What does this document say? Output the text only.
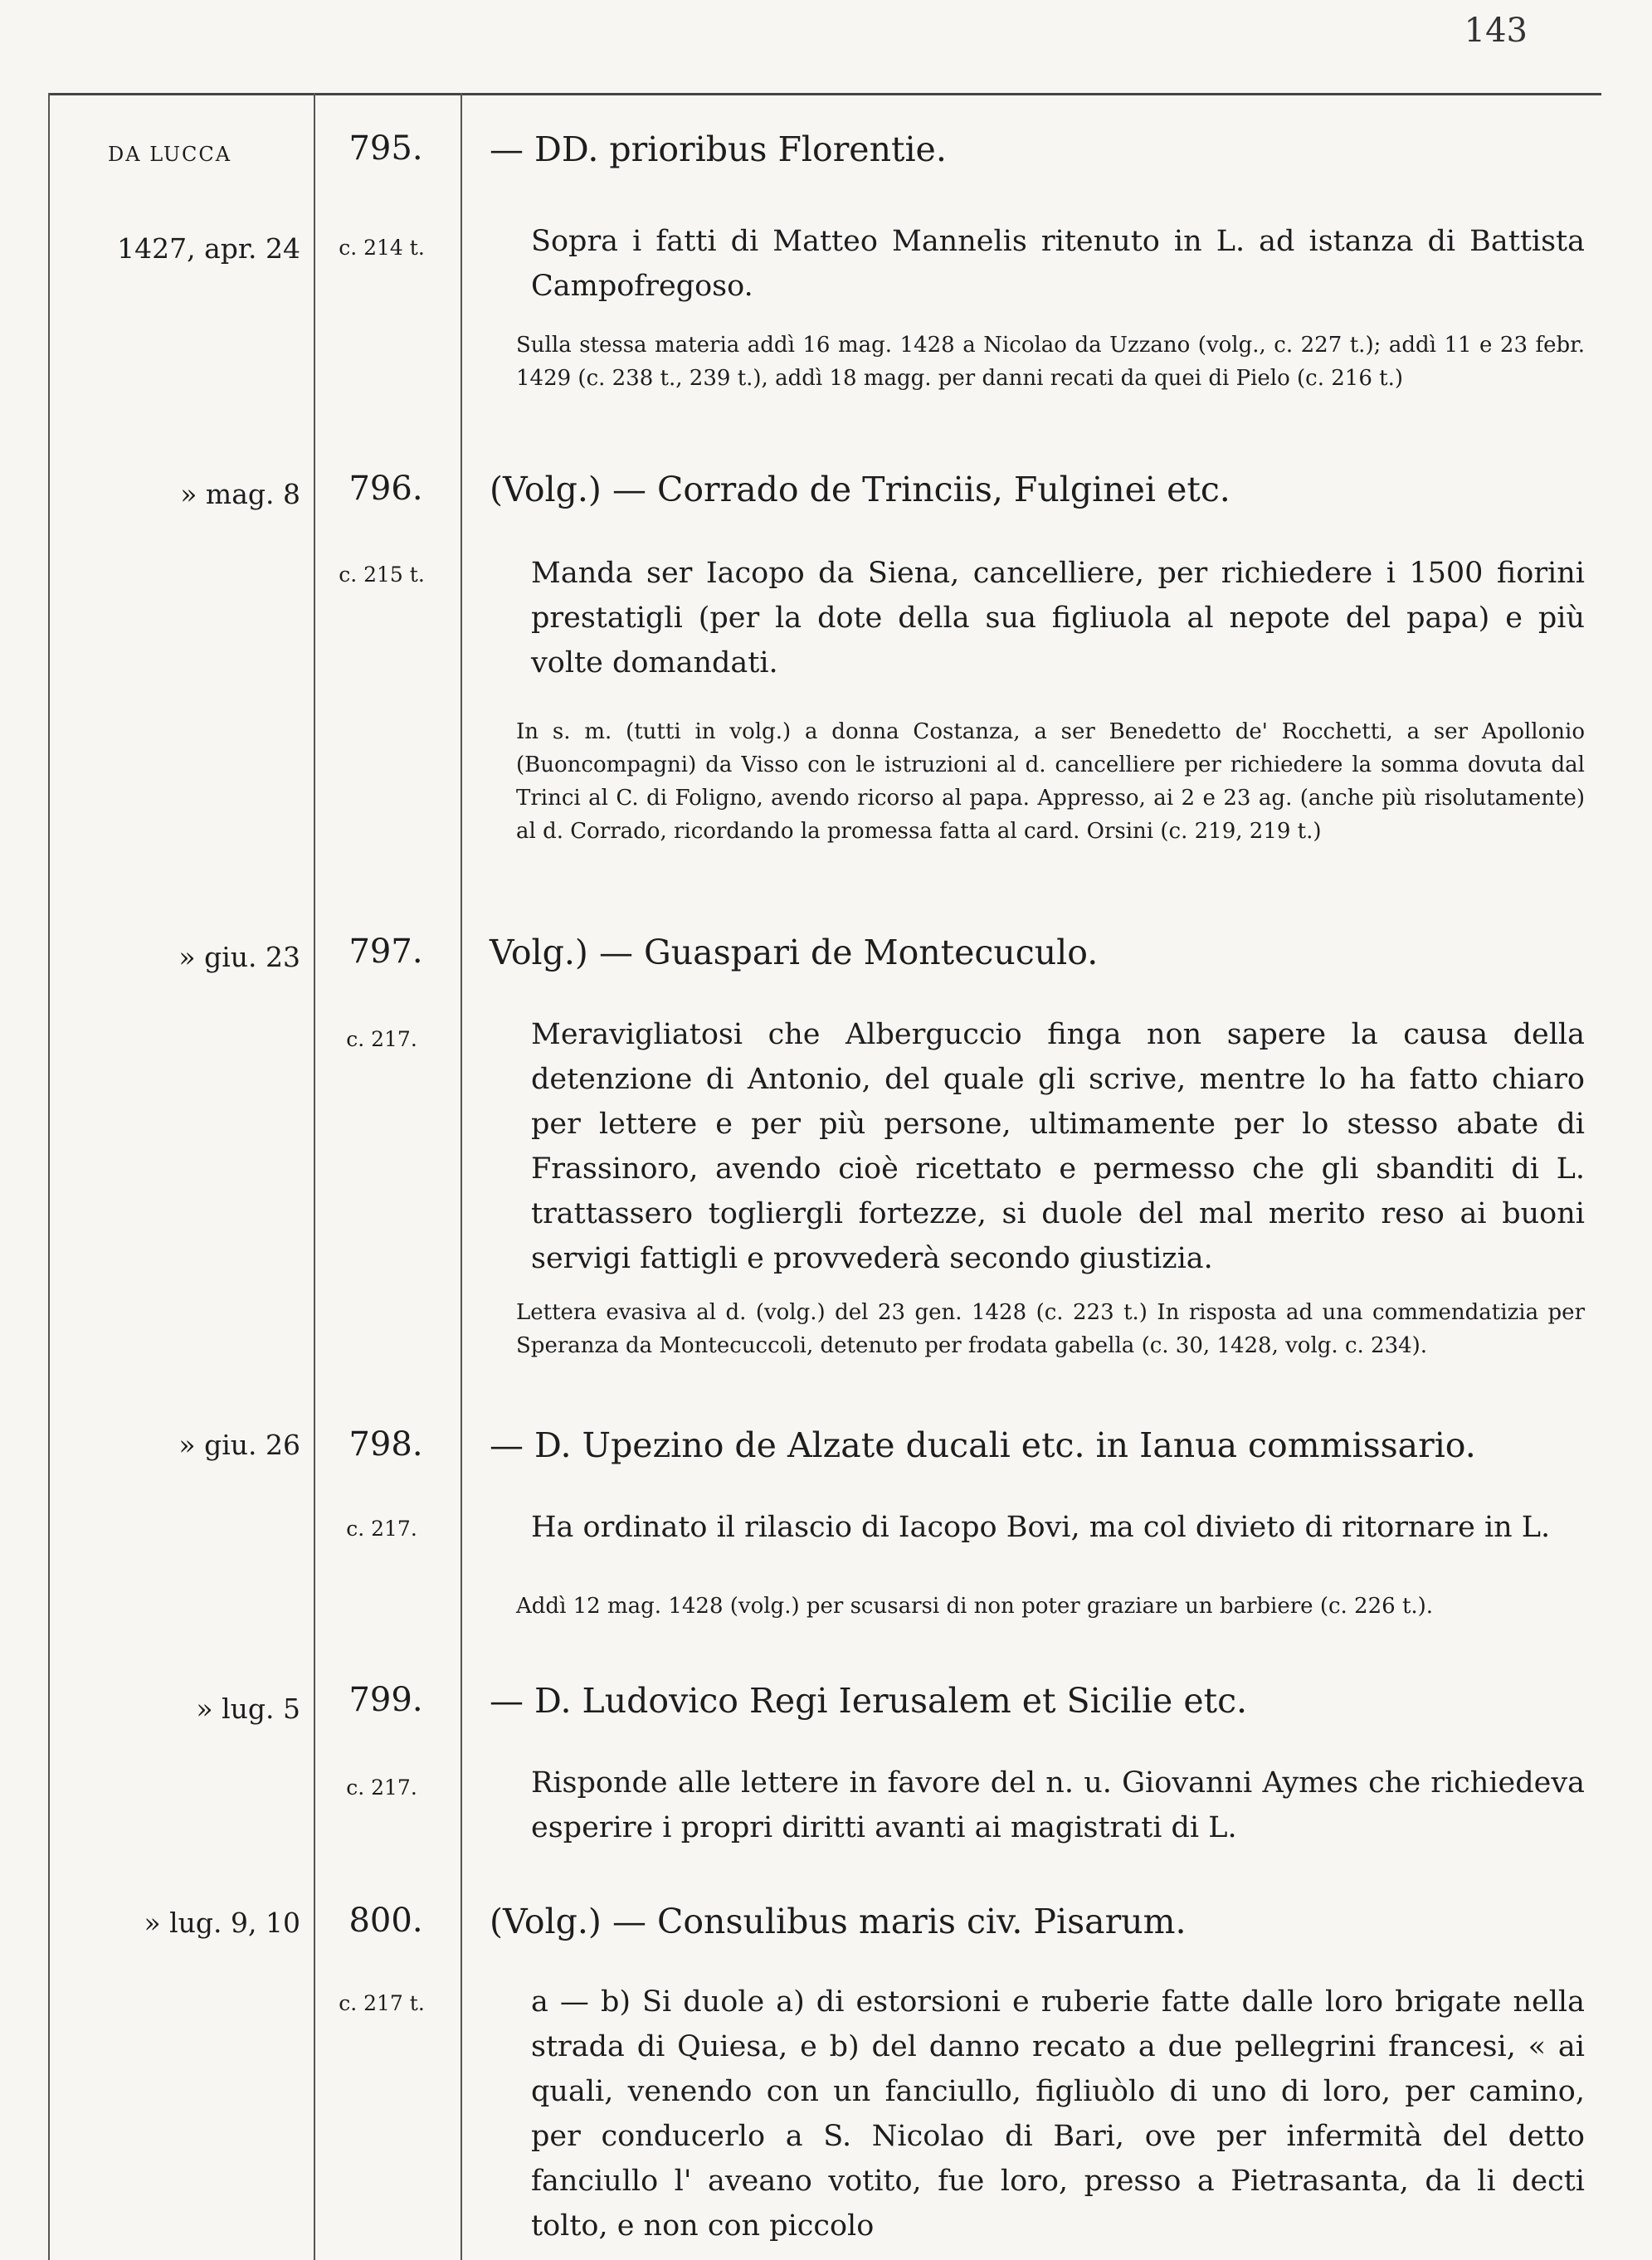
143
DA LUCCA	795.	— DD. prioribus Florentie.
1427, apr. 24	c. 214 t.	Sopra i fatti di Matteo Mannelis ritenuto in L. ad istanza di Battista Campofregoso.
Sulla stessa materia addì 16 mag. 1428 a Nicolao da Uzzano (volg., c. 227 t.); addì 11 e 23 febr. 1429 (c. 238 t., 239 t.), addì 18 magg. per danni recati da quei di Pielo (c. 216 t.)
» mag. 8	796.	(Volg.) — Corrado de Trinciis, Fulginei etc.
c. 215 t.	Manda ser Iacopo da Siena, cancelliere, per richiedere i 1500 fiorini prestatigli (per la dote della sua figliuola al nepote del papa) e più volte domandati.
In s. m. (tutti in volg.) a donna Costanza, a ser Benedetto de' Rocchetti, a ser Apollonio (Buoncompagni) da Visso con le istruzioni al d. cancelliere per richiedere la somma dovuta dal Trinci al C. di Foligno, avendo ricorso al papa. Appresso, ai 2 e 23 ag. (anche più risolutamente) al d. Corrado, ricordando la promessa fatta al card. Orsini (c. 219, 219 t.)
» giu. 23	797.	Volg.) — Guaspari de Montecuculo.
c. 217.	Meravigliatosi che Alberguccio finga non sapere la causa della detenzione di Antonio, del quale gli scrive, mentre lo ha fatto chiaro per lettere e per più persone, ultimamente per lo stesso abate di Frassinoro, avendo cioè ricettato e permesso che gli sbanditi di L. trattassero togliergli fortezze, si duole del mal merito reso ai buoni servigi fattigli e provvederà secondo giustizia.
Lettera evasiva al d. (volg.) del 23 gen. 1428 (c. 223 t.) In risposta ad una commendatizia per Speranza da Montecuccoli, detenuto per frodata gabella (c. 30, 1428, volg. c. 234).
» giu. 26	798.	— D. Upezino de Alzate ducali etc. in Ianua commissario.
c. 217.	Ha ordinato il rilascio di Iacopo Bovi, ma col divieto di ritornare in L.
Addì 12 mag. 1428 (volg.) per scusarsi di non poter graziare un barbiere (c. 226 t.).
» lug. 5	799.	— D. Ludovico Regi Ierusalem et Sicilie etc.
c. 217.	Risponde alle lettere in favore del n. u. Giovanni Aymes che richiedeva esperire i propri diritti avanti ai magistrati di L.
» lug. 9, 10	800.	(Volg.) — Consulibus maris civ. Pisarum.
c. 217 t.	a — b) Si duole a) di estorsioni e ruberie fatte dalle loro brigate nella strada di Quiesa, e b) del danno recato a due pellegrini francesi, « ai quali, venendo con un fanciullo, figliuòlo di uno di loro, per camino, per conducerlo a S. Nicolao di Bari, ove per infermità del detto fanciullo l' aveano votito, fue loro, presso a Pietrasanta, da li decti tolto, e non con piccolo
